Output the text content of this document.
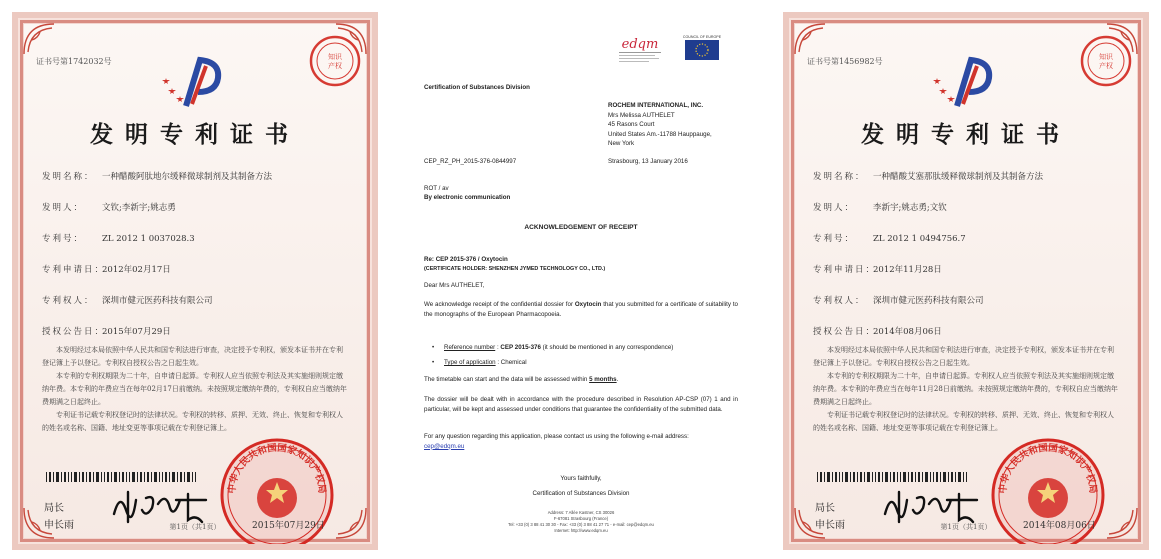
证书号第1742032号	知识
产权
发明专利证书
发明名称： 一种醋酸阿肽地尔缓释微球制剂及其制备方法
发明人： 文钦;李新宇;姚志勇
专利号： ZL 2012 1 0037028.3
专利申请日：2012年02月17日
专利权人： 深圳市健元医药科技有限公司
授权公告日：2015年07月29日

本发明经过本局依照中华人民共和国专利法进行审查，决定授予专利权，颁发本证书并在专利登记簿上予以登记。专利权自授权公告之日起生效。

本专利的专利权期限为二十年，自申请日起算。专利权人应当依照专利法及其实施细则规定缴纳年费。本专利的年费应当在每年02月17日前缴纳。未按照规定缴纳年费的，专利权自应当缴纳年费期满之日起终止。

专利证书记载专利权登记时的法律状况。专利权的转移、质押、无效、终止、恢复和专利权人的姓名或名称、国籍、地址变更等事项记载在专利登记簿上。

局长
申长雨
中华人民共和国国家知识产权局
2015年07月29日
第1页（共1页）
edqm	COUNCIL OF EUROPE
Certification of Substances Division
ROCHEM INTERNATIONAL, INC.
Mrs Melissa AUTHELET
45 Rasons Court
United States Am.-11788 Hauppauge,
New York
CEP_RZ_PH_2015-376-0844997	Strasbourg, 13 January 2016
ROT / av
By electronic communication
ACKNOWLEDGEMENT OF RECEIPT
Re: CEP 2015-376 / Oxytocin
(CERTIFICATE HOLDER: SHENZHEN JYMED TECHNOLOGY CO., LTD.)
Dear Mrs AUTHELET,
We acknowledge receipt of the confidential dossier for Oxytocin that you submitted for a certificate of suitability to the monographs of the European Pharmacopoeia.
• Reference number : CEP 2015-376 (it should be mentioned in any correspondence)
• Type of application : Chemical
The timetable can start and the data will be assessed within 5 months.
The dossier will be dealt with in accordance with the procedure described in Resolution AP-CSP (07) 1 and in particular, will be kept and assessed under conditions that guarantee the confidentiality of the submitted data.
For any question regarding this application, please contact us using the following e-mail address:
cep@edqm.eu
Yours faithfully,
Certification of Substances Division
Address: 7 Allée Kastner, CS 30026
F-67081 Strasbourg (France)
Tel: +33 (0) 3 88 41 30 30 - Fax: +33 (0) 3 88 41 27 71 - e-mail: cep@edqm.eu
Internet: http://www.edqm.eu
证书号第1456982号	知识
产权
发明专利证书
发明名称： 一种醋酸艾塞那肽缓释微球制剂及其制备方法
发明人： 李新宇;姚志勇;文钦
专利号： ZL 2012 1 0494756.7
专利申请日：2012年11月28日
专利权人： 深圳市健元医药科技有限公司
授权公告日：2014年08月06日

本发明经过本局依照中华人民共和国专利法进行审查，决定授予专利权，颁发本证书并在专利登记簿上予以登记。专利权自授权公告之日起生效。

本专利的专利权期限为二十年，自申请日起算。专利权人应当依照专利法及其实施细则规定缴纳年费。本专利的年费应当在每年11月28日前缴纳。未按照规定缴纳年费的，专利权自应当缴纳年费期满之日起终止。

专利证书记载专利权登记时的法律状况。专利权的转移、质押、无效、终止、恢复和专利权人的姓名或名称、国籍、地址变更等事项记载在专利登记簿上。

局长
申长雨
中华人民共和国国家知识产权局
2014年08月06日
第1页（共1页）
